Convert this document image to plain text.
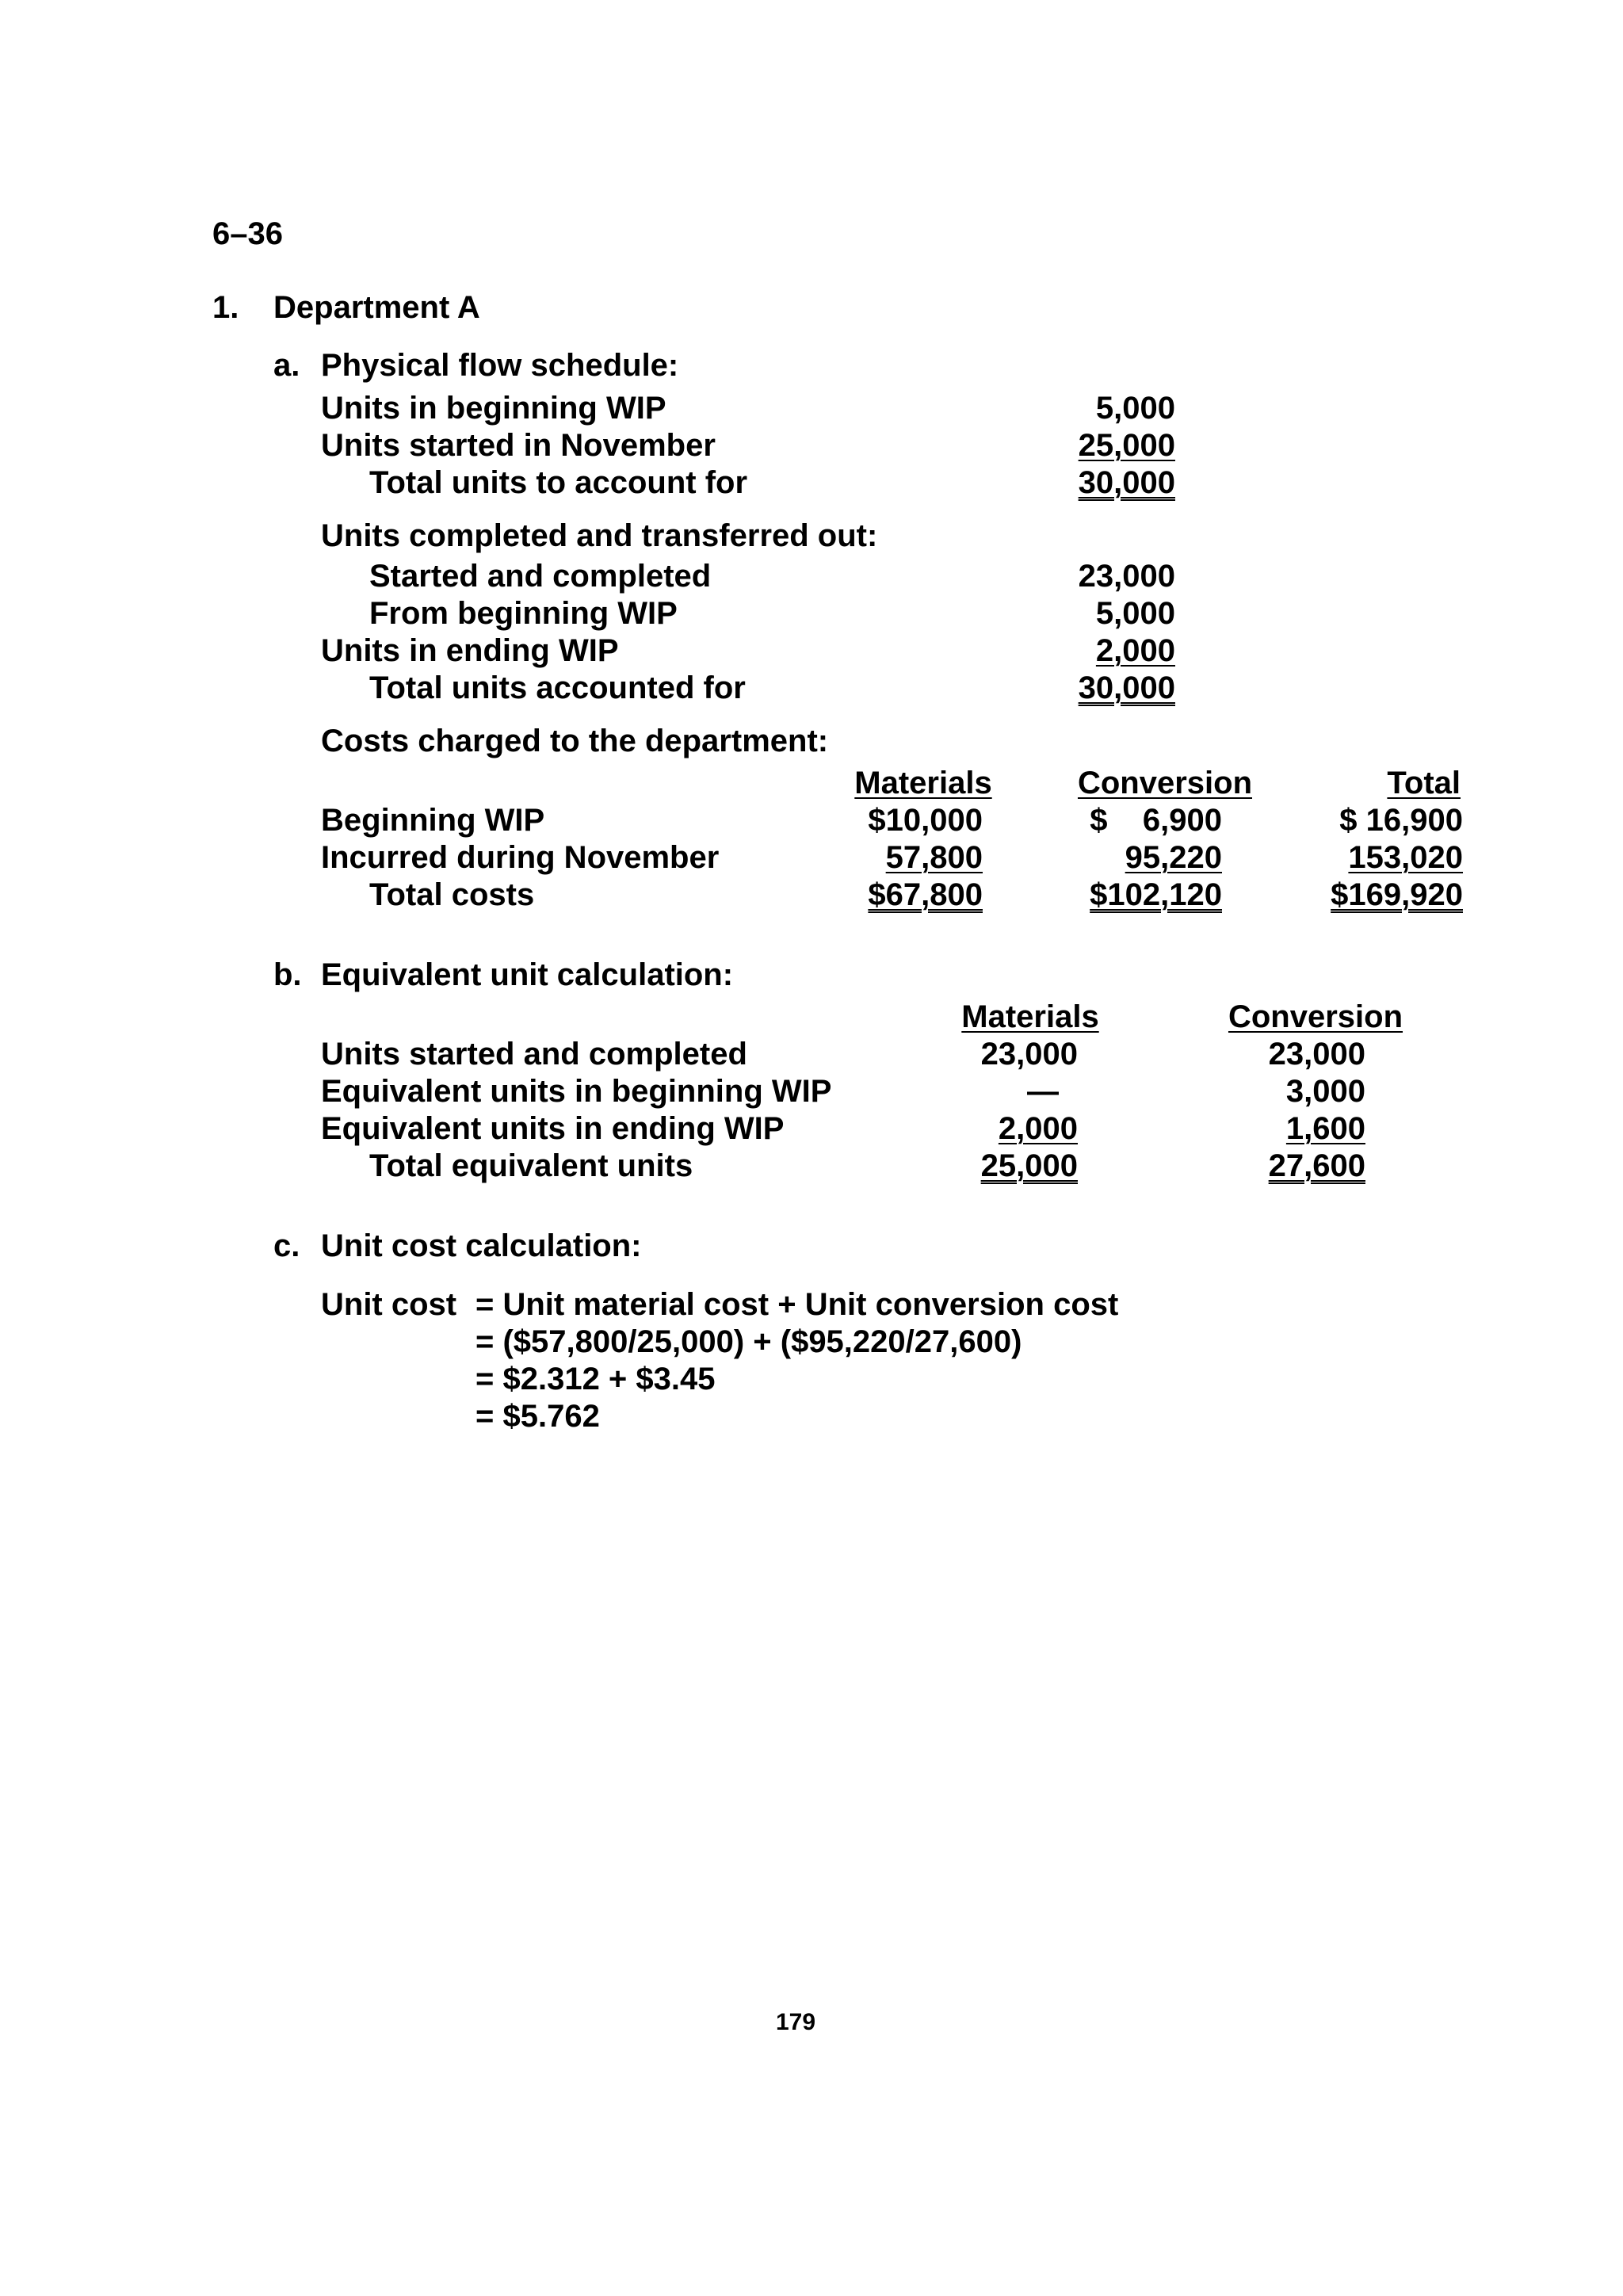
6–36
1. Department A
a. Physical flow schedule:
Units in beginning WIP	5,000
Units started in November	25,000
Total units to account for	30,000
Units completed and transferred out:
Started and completed	23,000
From beginning WIP	5,000
Units in ending WIP	2,000
Total units accounted for	30,000
Costs charged to the department:
Materials	Conversion	Total
Beginning WIP	$10,000	$    6,900	$ 16,900
Incurred during November	57,800	95,220	153,020
Total costs	$67,800	$102,120	$169,920
b. Equivalent unit calculation:
Materials	Conversion
Units started and completed	23,000	23,000
Equivalent units in beginning WIP	—	3,000
Equivalent units in ending WIP	2,000	1,600
Total equivalent units	25,000	27,600
c. Unit cost calculation:
Unit cost = Unit material cost + Unit conversion cost
= ($57,800/25,000) + ($95,220/27,600)
= $2.312 + $3.45
= $5.762
179
